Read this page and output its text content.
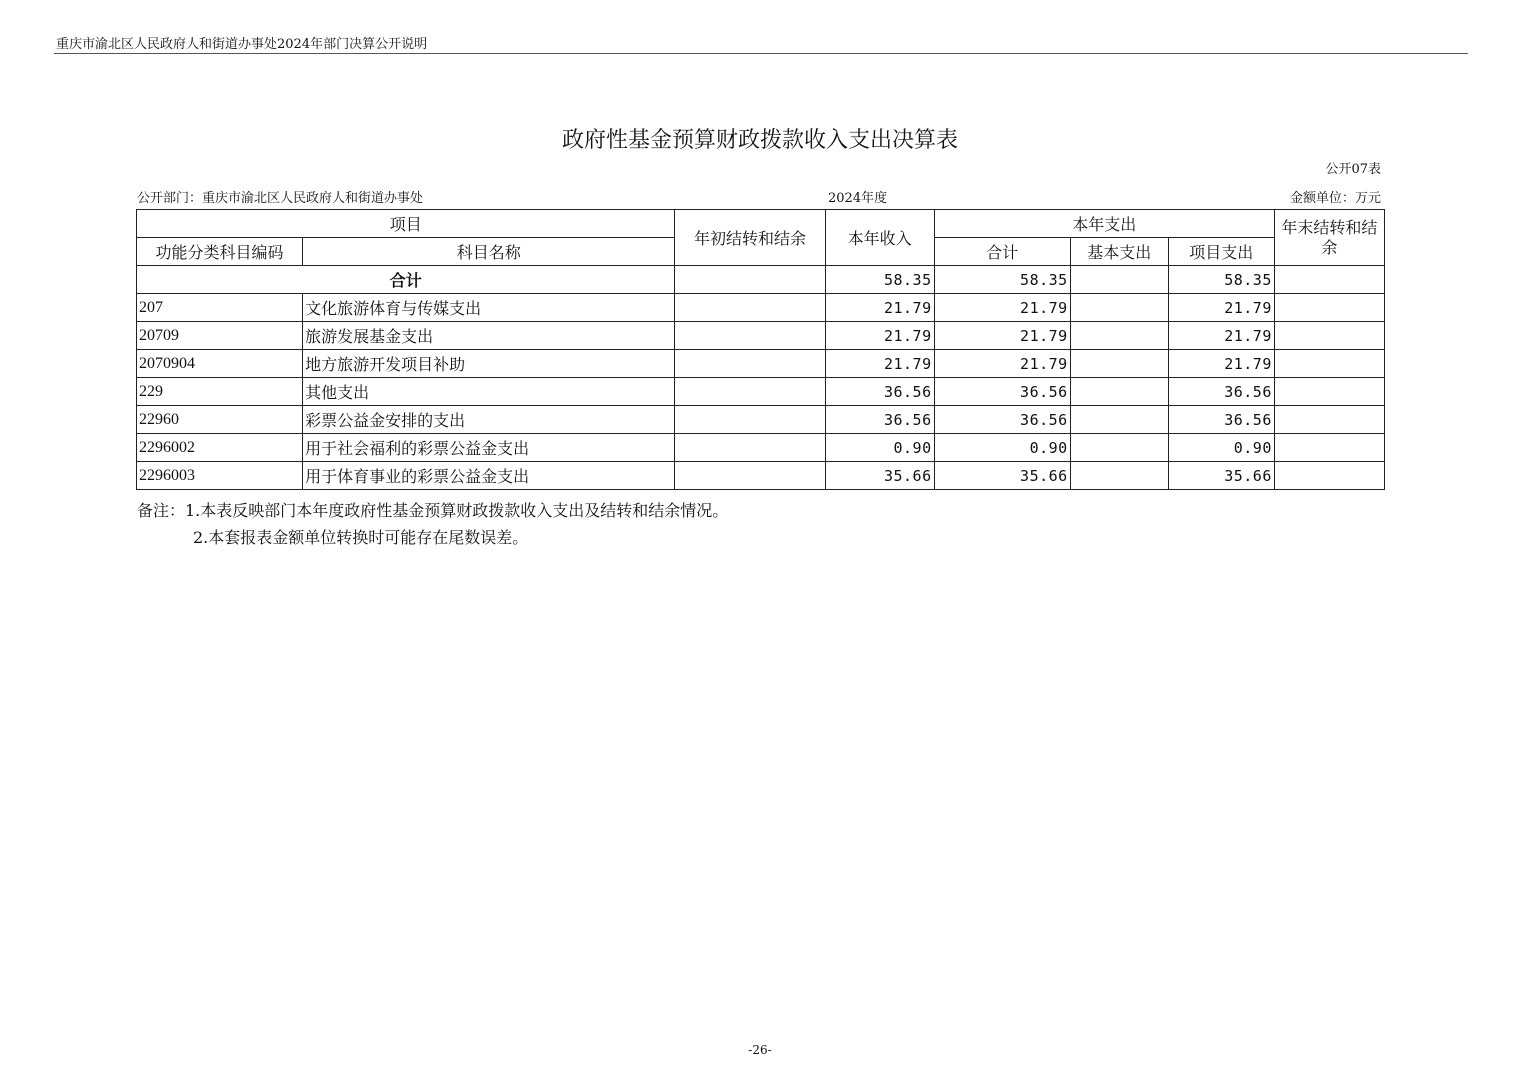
重庆市渝北区人民政府人和街道办事处2024年部门决算公开说明
政府性基金预算财政拨款收入支出决算表
公开07表
公开部门：重庆市渝北区人民政府人和街道办事处	2024年度	金额单位：万元
项目		年初结转和结余	本年收入	本年支出			年末结转和结余
功能分类科目编码	科目名称			合计	基本支出	项目支出	
合计			58.35	58.35		58.35	
207	文化旅游体育与传媒支出		21.79	21.79		21.79	
20709	旅游发展基金支出		21.79	21.79		21.79	
2070904	地方旅游开发项目补助		21.79	21.79		21.79	
229	其他支出		36.56	36.56		36.56	
22960	彩票公益金安排的支出		36.56	36.56		36.56	
2296002	用于社会福利的彩票公益金支出		0.90	0.90		0.90	
2296003	用于体育事业的彩票公益金支出		35.66	35.66		35.66	
备注：1.本表反映部门本年度政府性基金预算财政拨款收入支出及结转和结余情况。
2.本套报表金额单位转换时可能存在尾数误差。
-26-
